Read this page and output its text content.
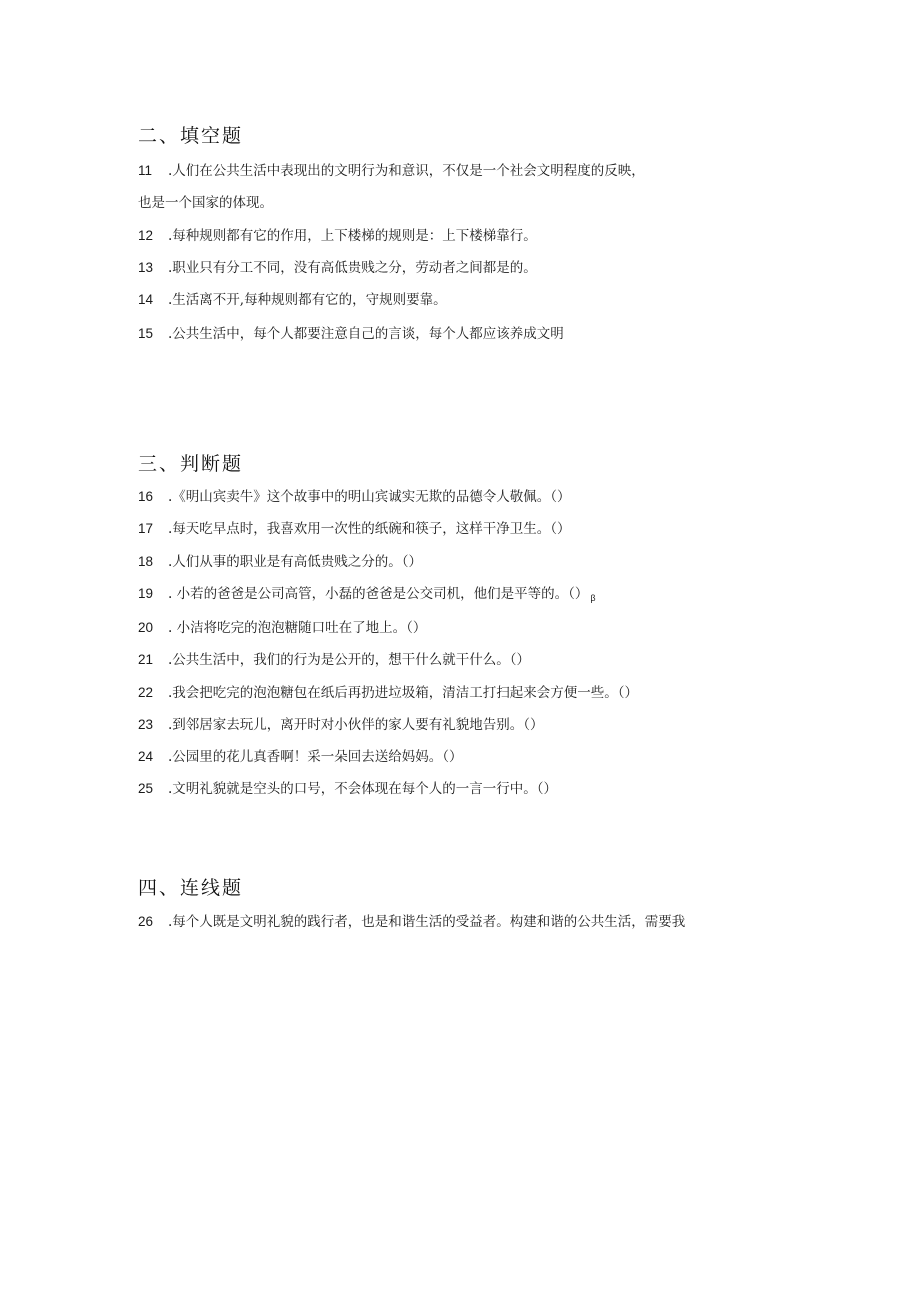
二、填空题
11 .人们在公共生活中表现出的文明行为和意识，不仅是一个社会文明程度的反映，
也是一个国家的体现。
12 .每种规则都有它的作用，上下楼梯的规则是：上下楼梯靠行。
13 .职业只有分工不同，没有高低贵贱之分，劳动者之间都是的。
14 .生活离不开,每种规则都有它的，守规则要靠。
15 .公共生活中，每个人都要注意自己的言谈，每个人都应该养成文明
三、判断题
16 .《明山宾卖牛》这个故事中的明山宾诚实无欺的品德令人敬佩。（）
17 .每天吃早点时，我喜欢用一次性的纸碗和筷子，这样干净卫生。（）
18 .人们从事的职业是有高低贵贱之分的。（）
19 . 小若的爸爸是公司高管，小磊的爸爸是公交司机，他们是平等的。（） $_\beta$
20 . 小洁将吃完的泡泡糖随口吐在了地上。（）
21 .公共生活中，我们的行为是公开的，想干什么就干什么。（）
22 .我会把吃完的泡泡糖包在纸后再扔进垃圾箱，清洁工打扫起来会方便一些。（）
23 .到邻居家去玩儿，离开时对小伙伴的家人要有礼貌地告别。（）
24 .公园里的花儿真香啊！采一朵回去送给妈妈。（）
25 .文明礼貌就是空头的口号，不会体现在每个人的一言一行中。（）
四、连线题
26 .每个人既是文明礼貌的践行者，也是和谐生活的受益者。构建和谐的公共生活，需要我
